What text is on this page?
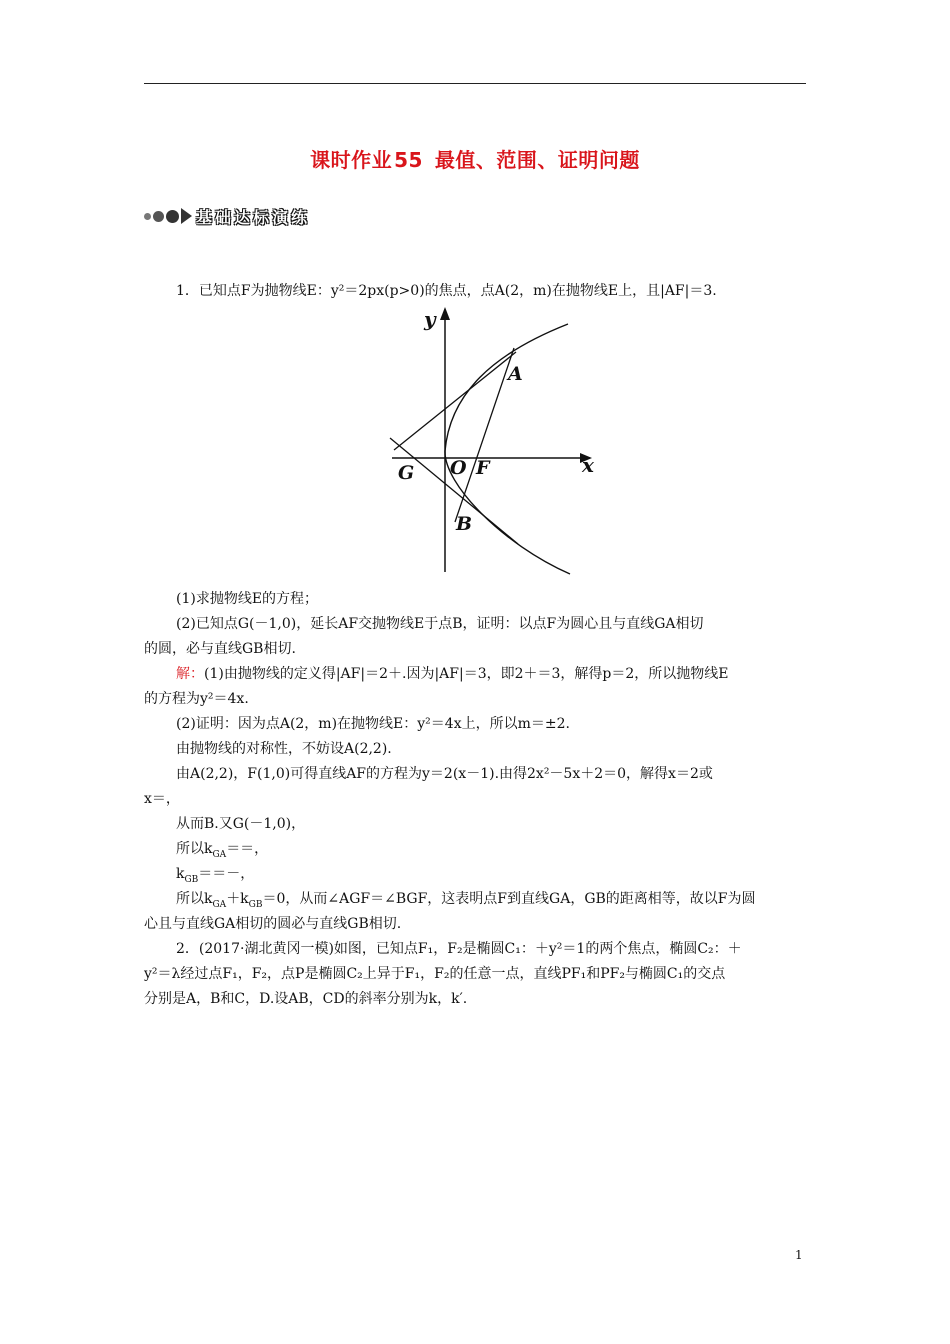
课时作业 55 最值、范围、证明问题
基础达标演练

1．已知点F为抛物线E：y²＝2px(p>0)的焦点，点A(2，m)在抛物线E上，且|AF|＝3.

y
x
A
B
G O F

(1)求抛物线E的方程；

(2)已知点G(－1,0)，延长AF交抛物线E于点B，证明：以点F为圆心且与直线GA相切

的圆，必与直线GB相切.

解：(1)由抛物线的定义得|AF|＝2＋.因为|AF|＝3，即2＋＝3，解得p＝2，所以抛物线E

的方程为y²＝4x.

(2)证明：因为点A(2，m)在抛物线E：y²＝4x上，所以m＝±2.

由抛物线的对称性，不妨设A(2,2).

由A(2,2)，F(1,0)可得直线AF的方程为y＝2(x－1).由得2x²－5x＋2＝0，解得x＝2或

x＝，

从而B.又G(－1,0)，

所以$k_{GA}==$，

$k_{GB}==-$，

所以$k_{GA}+k_{GB}=0$，从而∠AGF＝∠BGF，这表明点F到直线GA，GB的距离相等，故以F为圆

心且与直线GA相切的圆必与直线GB相切.

2．(2017·湖北黄冈一模)如图，已知点F₁，F₂是椭圆C₁：＋y²＝1的两个焦点，椭圆C₂：＋

y²＝λ经过点F₁，F₂，点P是椭圆C₂上异于F₁，F₂的任意一点，直线PF₁和PF₂与椭圆C₁的交点

分别是A，B和C，D.设AB，CD的斜率分别为k，k′.

1
